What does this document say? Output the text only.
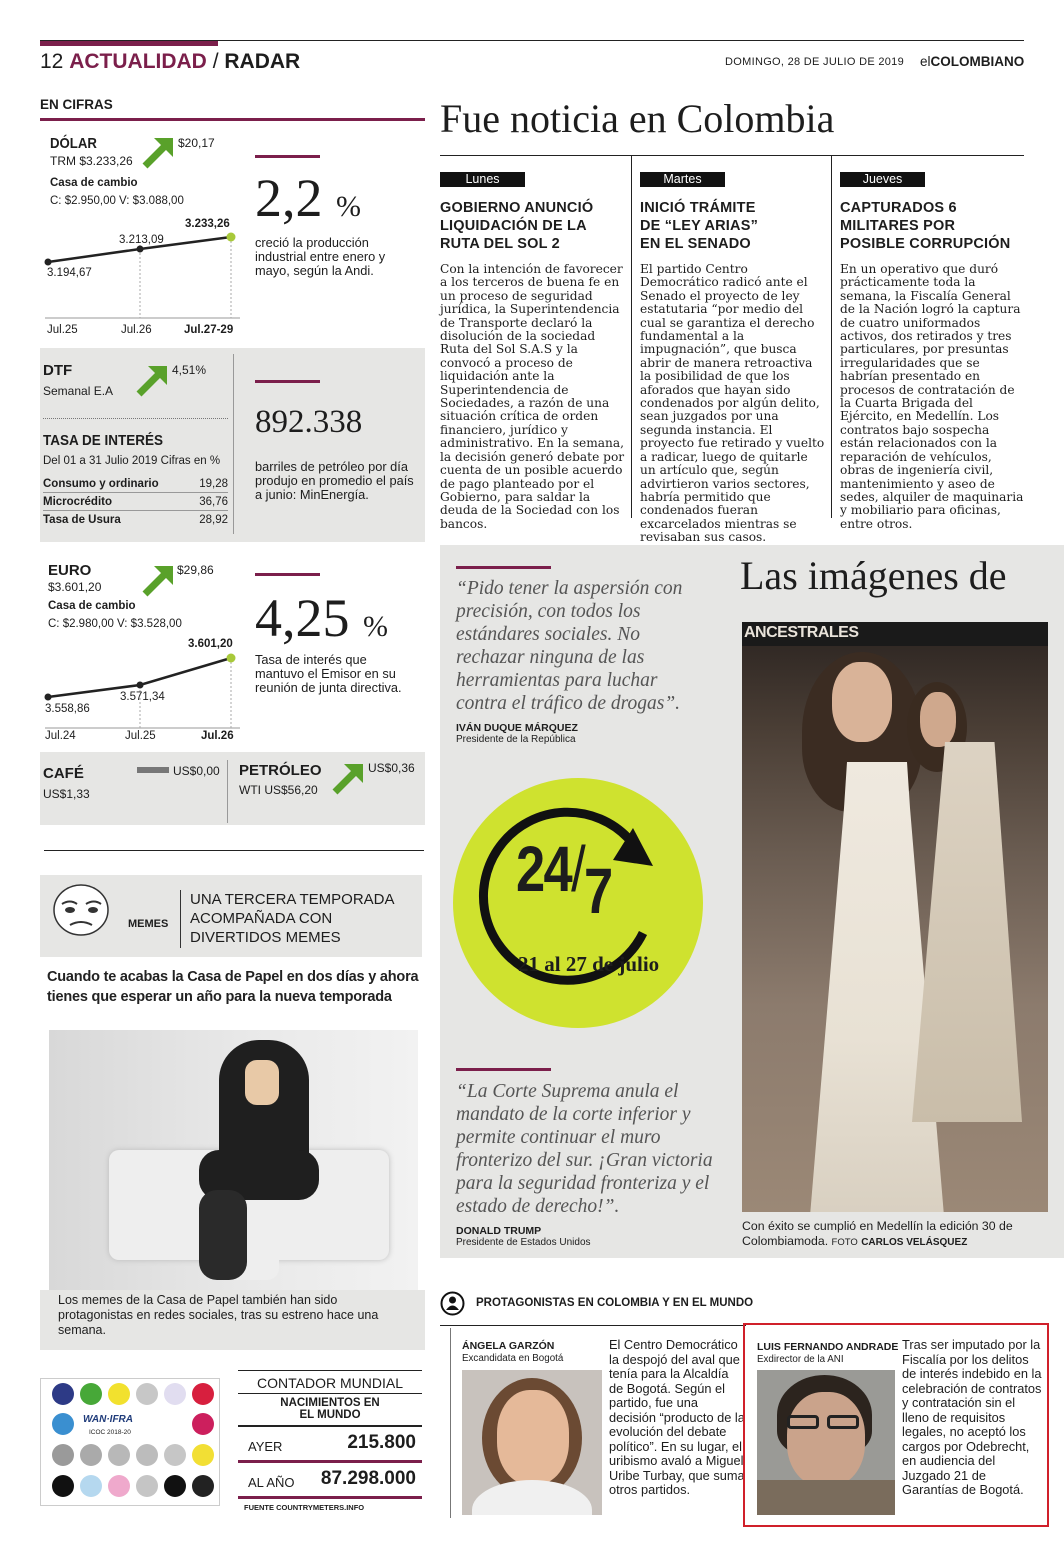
12 ACTUALIDAD / RADAR	DOMINGO, 28 DE JULIO DE 2019 elCOLOMBIANO
EN CIFRAS
DÓLAR
TRM $3.233,26
$20,17
Casa de cambio
C: $2.950,00 V: $3.088,00
3.194,67
3.213,09
3.233,26
Jul.25	Jul.26	Jul.27-29
2,2 %
creció la producción industrial entre enero y mayo, según la Andi.
DTF
Semanal E.A
4,51%
TASA DE INTERÉS
Del 01 a 31 Julio 2019 Cifras en %
Consumo y ordinario	19,28
Microcrédito	36,76
Tasa de Usura	28,92
892.338
barriles de petróleo por día produjo en promedio el país a junio: MinEnergía.
EURO
$3.601,20
$29,86
Casa de cambio
C: $2.980,00 V: $3.528,00
3.601,20
3.571,34
3.558,86
Jul.24	Jul.25	Jul.26
4,25 %
Tasa de interés que mantuvo el Emisor en su reunión de junta directiva.
CAFÉ
US$1,33
US$0,00 PETRÓLEO
WTI US$56,20
US$0,36
MEMES
UNA TERCERA TEMPORADA ACOMPAÑADA CON DIVERTIDOS MEMES
Cuando te acabas la Casa de Papel en dos días y ahora tienes que esperar un año para la nueva temporada
Los memes de la Casa de Papel también han sido protagonistas en redes sociales, tras su estreno hace una semana.
WAN·IFRA
ICOC 2018-20
CONTADOR MUNDIAL
NACIMIENTOS EN EL MUNDO
AYER	215.800
AL AÑO 87.298.000
FUENTE COUNTRYMETERS.INFO
Fue noticia en Colombia
Lunes
GOBIERNO ANUNCIÓ LIQUIDACIÓN DE LA RUTA DEL SOL 2
Con la intención de favorecer a los terceros de buena fe en un proceso de seguridad jurídica, la Superintendencia de Transporte declaró la disolución de la sociedad Ruta del Sol S.A.S y la convocó a proceso de liquidación ante la Superintendencia de Sociedades, a razón de una situación crítica de orden financiero, jurídico y administrativo. En la semana, la decisión generó debate por cuenta de un posible acuerdo de pago planteado por el Gobierno, para saldar la deuda de la Sociedad con los bancos.
Martes
INICIÓ TRÁMITE DE “LEY ARIAS” EN EL SENADO
El partido Centro Democrático radicó ante el Senado el proyecto de ley estatutaria “por medio del cual se garantiza el derecho fundamental a la impugnación”, que busca abrir de manera retroactiva la posibilidad de que los aforados que hayan sido condenados por algún delito, sean juzgados por una segunda instancia. El proyecto fue retirado y vuelto a radicar, luego de quitarle un artículo que, según advirtieron varios sectores, habría permitido que condenados fueran excarcelados mientras se revisaban sus casos.
Jueves
CAPTURADOS 6 MILITARES POR POSIBLE CORRUPCIÓN
En un operativo que duró prácticamente toda la semana, la Fiscalía General de la Nación logró la captura de cuatro uniformados activos, dos retirados y tres particulares, por presuntas irregularidades que se habrían presentado en procesos de contratación de la Cuarta Brigada del Ejército, en Medellín. Los contratos bajo sospecha están relacionados con la reparación de vehículos, obras de ingeniería civil, mantenimiento y aseo de sedes, alquiler de maquinaria y mobiliario para oficinas, entre otros.
“Pido tener la aspersión con precisión, con todos los estándares sociales. No rechazar ninguna de las herramientas para luchar contra el tráfico de drogas”.
IVÁN DUQUE MÁRQUEZ
Presidente de la República
24/7
21 al 27 de julio
“La Corte Suprema anula el mandato de la corte inferior y permite continuar el muro fronterizo del sur. ¡Gran victoria para la seguridad fronteriza y el estado de derecho!”.
DONALD TRUMP
Presidente de Estados Unidos
Las imágenes de
ANCESTRALES
Con éxito se cumplió en Medellín la edición 30 de Colombiamoda. FOTO CARLOS VELÁSQUEZ
PROTAGONISTAS EN COLOMBIA Y EN EL MUNDO
ÁNGELA GARZÓN
Excandidata en Bogotá
El Centro Democrático la despojó del aval que tenía para la Alcaldía de Bogotá. Según el partido, fue una decisión “producto de la evolución del debate político”. En su lugar, el uribismo avaló a Miguel Uribe Turbay, que suma otros partidos.
LUIS FERNANDO ANDRADE
Exdirector de la ANI
Tras ser imputado por la Fiscalía por los delitos de interés indebido en la celebración de contratos y contratación sin el lleno de requisitos legales, no aceptó los cargos por Odebrecht, en audiencia del Juzgado 21 de Garantías de Bogotá.
